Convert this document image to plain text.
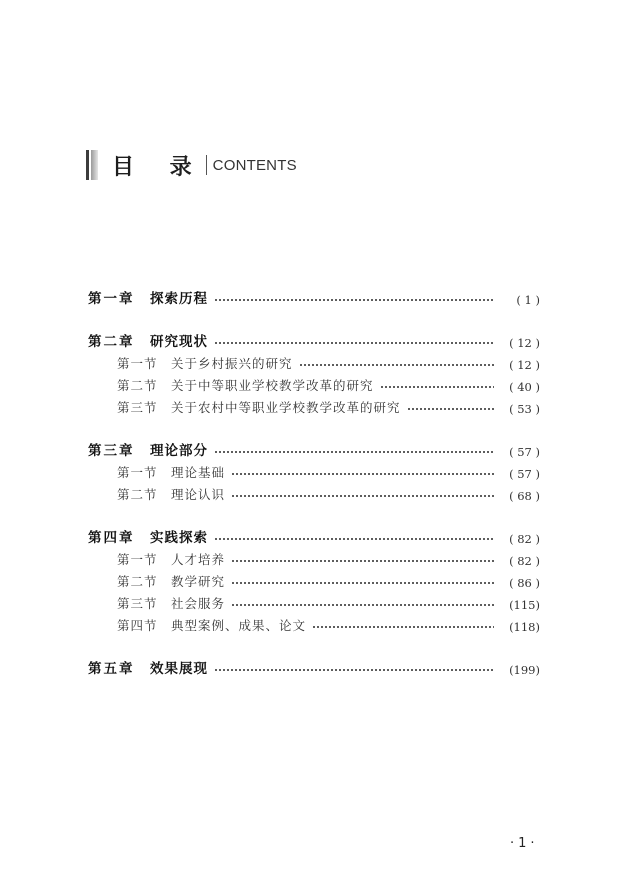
目 录 CONTENTS
第一章	探索历程	( 1 )
第二章	研究现状	( 12 )
第一节	关于乡村振兴的研究	( 12 )
第二节	关于中等职业学校教学改革的研究	( 40 )
第三节	关于农村中等职业学校教学改革的研究	( 53 )
第三章	理论部分	( 57 )
第一节	理论基础	( 57 )
第二节	理论认识	( 68 )
第四章	实践探索	( 82 )
第一节	人才培养	( 82 )
第二节	教学研究	( 86 )
第三节	社会服务	(115)
第四节	典型案例、成果、论文	(118)
第五章	效果展现	(199)
·1·
